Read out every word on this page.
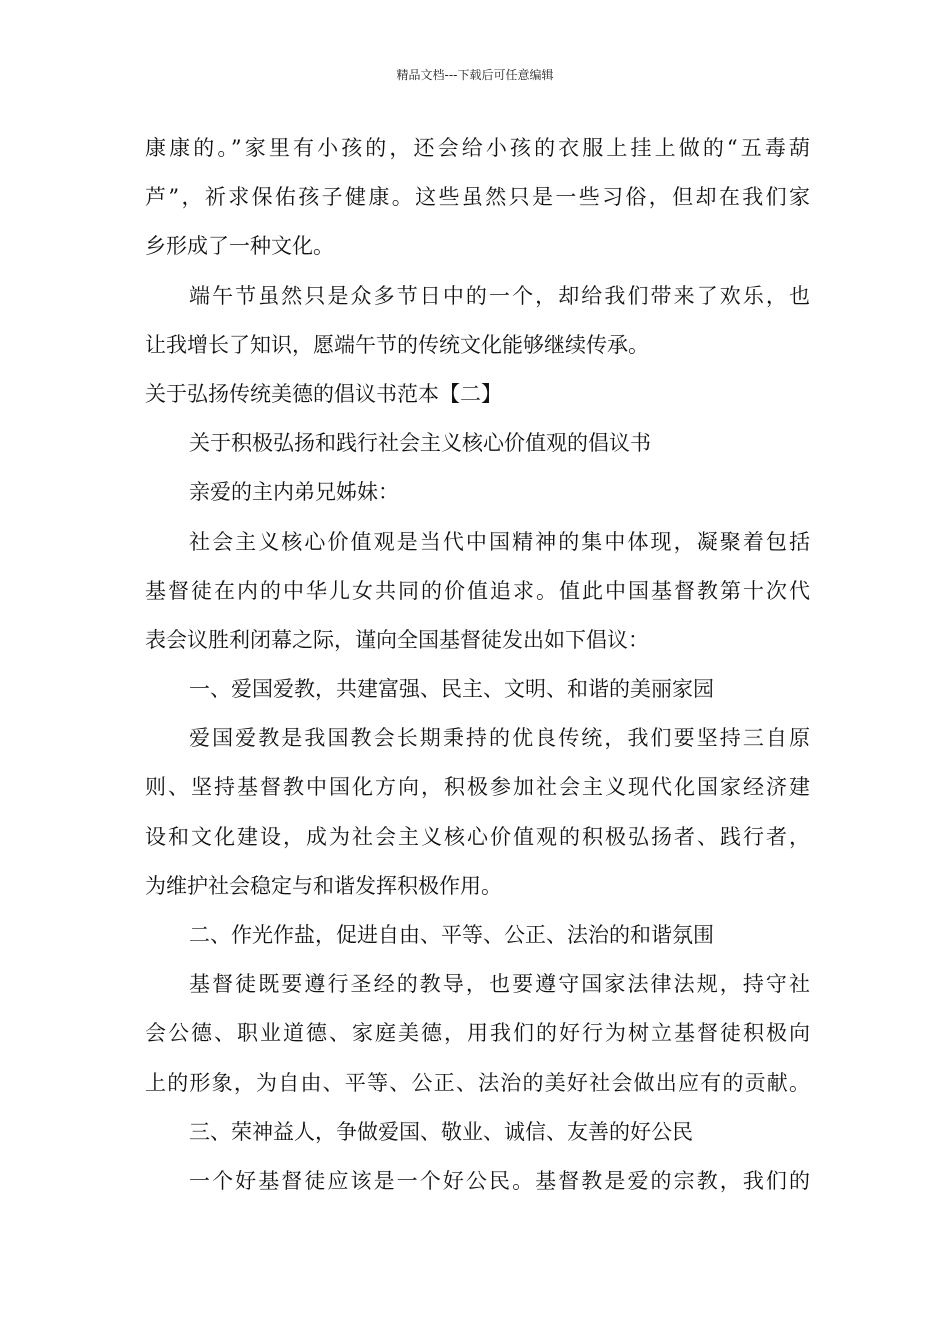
精品文档---下载后可任意编辑

康康的。”家里有小孩的，还会给小孩的衣服上挂上做的“五毒葫

芦”，祈求保佑孩子健康。这些虽然只是一些习俗，但却在我们家

乡形成了一种文化。

端午节虽然只是众多节日中的一个，却给我们带来了欢乐，也

让我增长了知识，愿端午节的传统文化能够继续传承。

关于弘扬传统美德的倡议书范本【二】

关于积极弘扬和践行社会主义核心价值观的倡议书

亲爱的主内弟兄姊妹：

社会主义核心价值观是当代中国精神的集中体现，凝聚着包括

基督徒在内的中华儿女共同的价值追求。值此中国基督教第十次代

表会议胜利闭幕之际，谨向全国基督徒发出如下倡议：

一、爱国爱教，共建富强、民主、文明、和谐的美丽家园

爱国爱教是我国教会长期秉持的优良传统，我们要坚持三自原

则、坚持基督教中国化方向，积极参加社会主义现代化国家经济建

设和文化建设，成为社会主义核心价值观的积极弘扬者、践行者，

为维护社会稳定与和谐发挥积极作用。

二、作光作盐，促进自由、平等、公正、法治的和谐氛围

基督徒既要遵行圣经的教导，也要遵守国家法律法规，持守社

会公德、职业道德、家庭美德，用我们的好行为树立基督徒积极向

上的形象，为自由、平等、公正、法治的美好社会做出应有的贡献。

三、荣神益人，争做爱国、敬业、诚信、友善的好公民

一个好基督徒应该是一个好公民。基督教是爱的宗教，我们的
